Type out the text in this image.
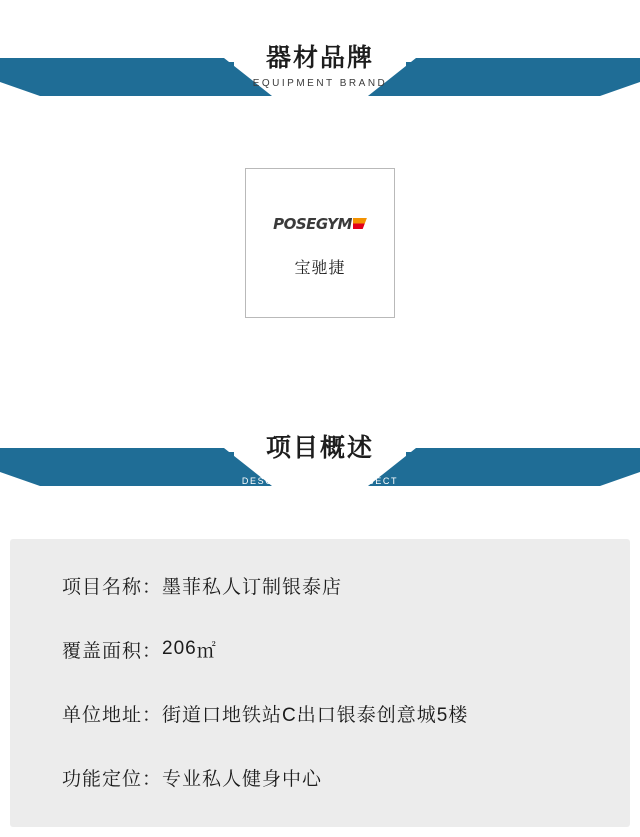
器材品牌
EQUIPMENT BRAND
POSEGYM
宝驰捷
项目概述
DESCRIPTION OF PROJECT
项目名称： 墨菲私人订制银泰店
覆盖面积： 206 ㎡
单位地址： 街道口地铁站C出口银泰创意城5楼
功能定位： 专业私人健身中心
